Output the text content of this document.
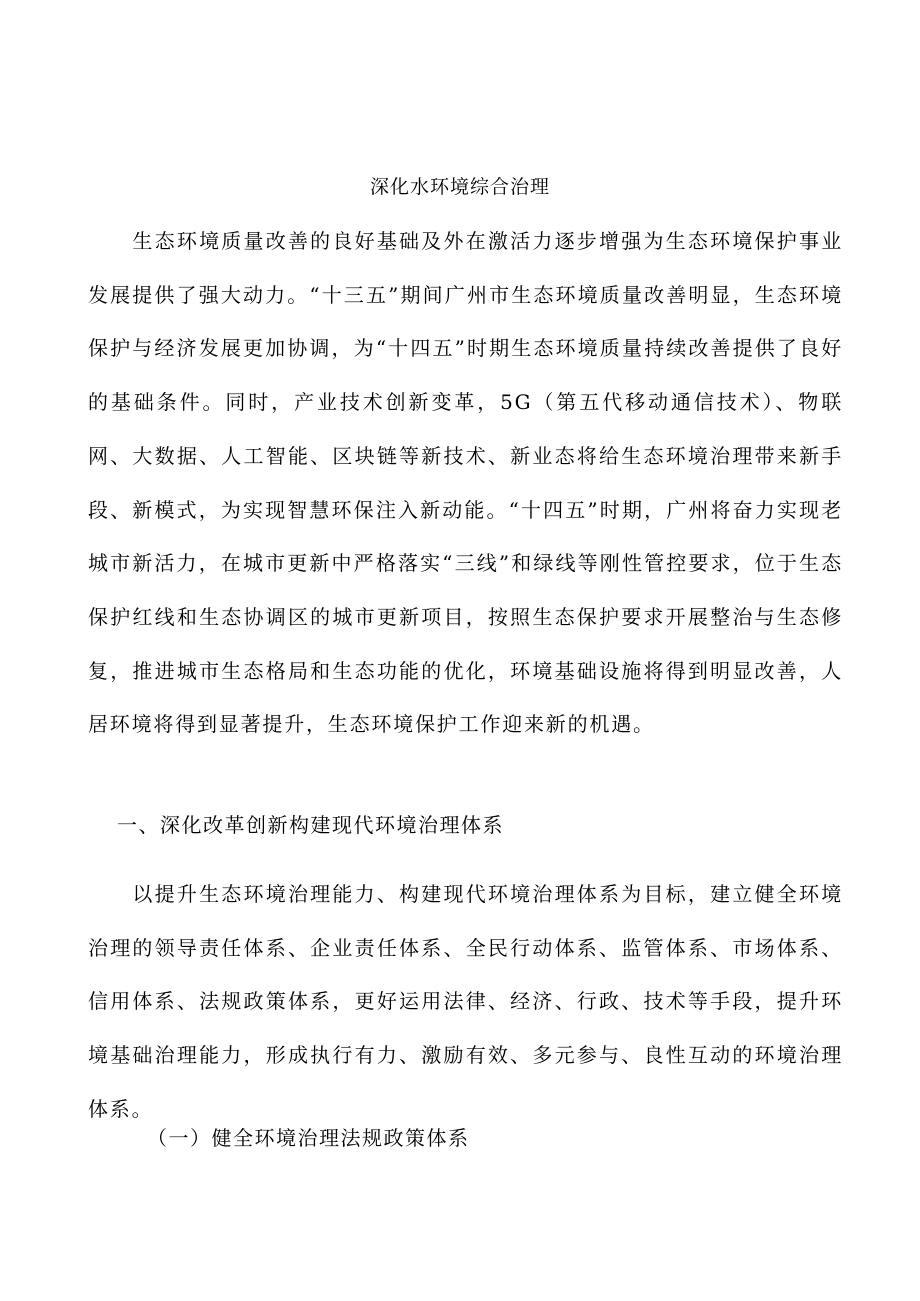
深化水环境综合治理

生态环境质量改善的良好基础及外在激活力逐步增强为生态环境保护事业发展提供了强大动力。“十三五”期间广州市生态环境质量改善明显，生态环境保护与经济发展更加协调，为“十四五”时期生态环境质量持续改善提供了良好的基础条件。同时，产业技术创新变革，5G（第五代移动通信技术）、物联网、大数据、人工智能、区块链等新技术、新业态将给生态环境治理带来新手段、新模式，为实现智慧环保注入新动能。“十四五”时期，广州将奋力实现老城市新活力，在城市更新中严格落实“三线”和绿线等刚性管控要求，位于生态保护红线和生态协调区的城市更新项目，按照生态保护要求开展整治与生态修复，推进城市生态格局和生态功能的优化，环境基础设施将得到明显改善，人居环境将得到显著提升，生态环境保护工作迎来新的机遇。

一、深化改革创新构建现代环境治理体系

以提升生态环境治理能力、构建现代环境治理体系为目标，建立健全环境治理的领导责任体系、企业责任体系、全民行动体系、监管体系、市场体系、信用体系、法规政策体系，更好运用法律、经济、行政、技术等手段，提升环境基础治理能力，形成执行有力、激励有效、多元参与、良性互动的环境治理体系。

（一）健全环境治理法规政策体系
